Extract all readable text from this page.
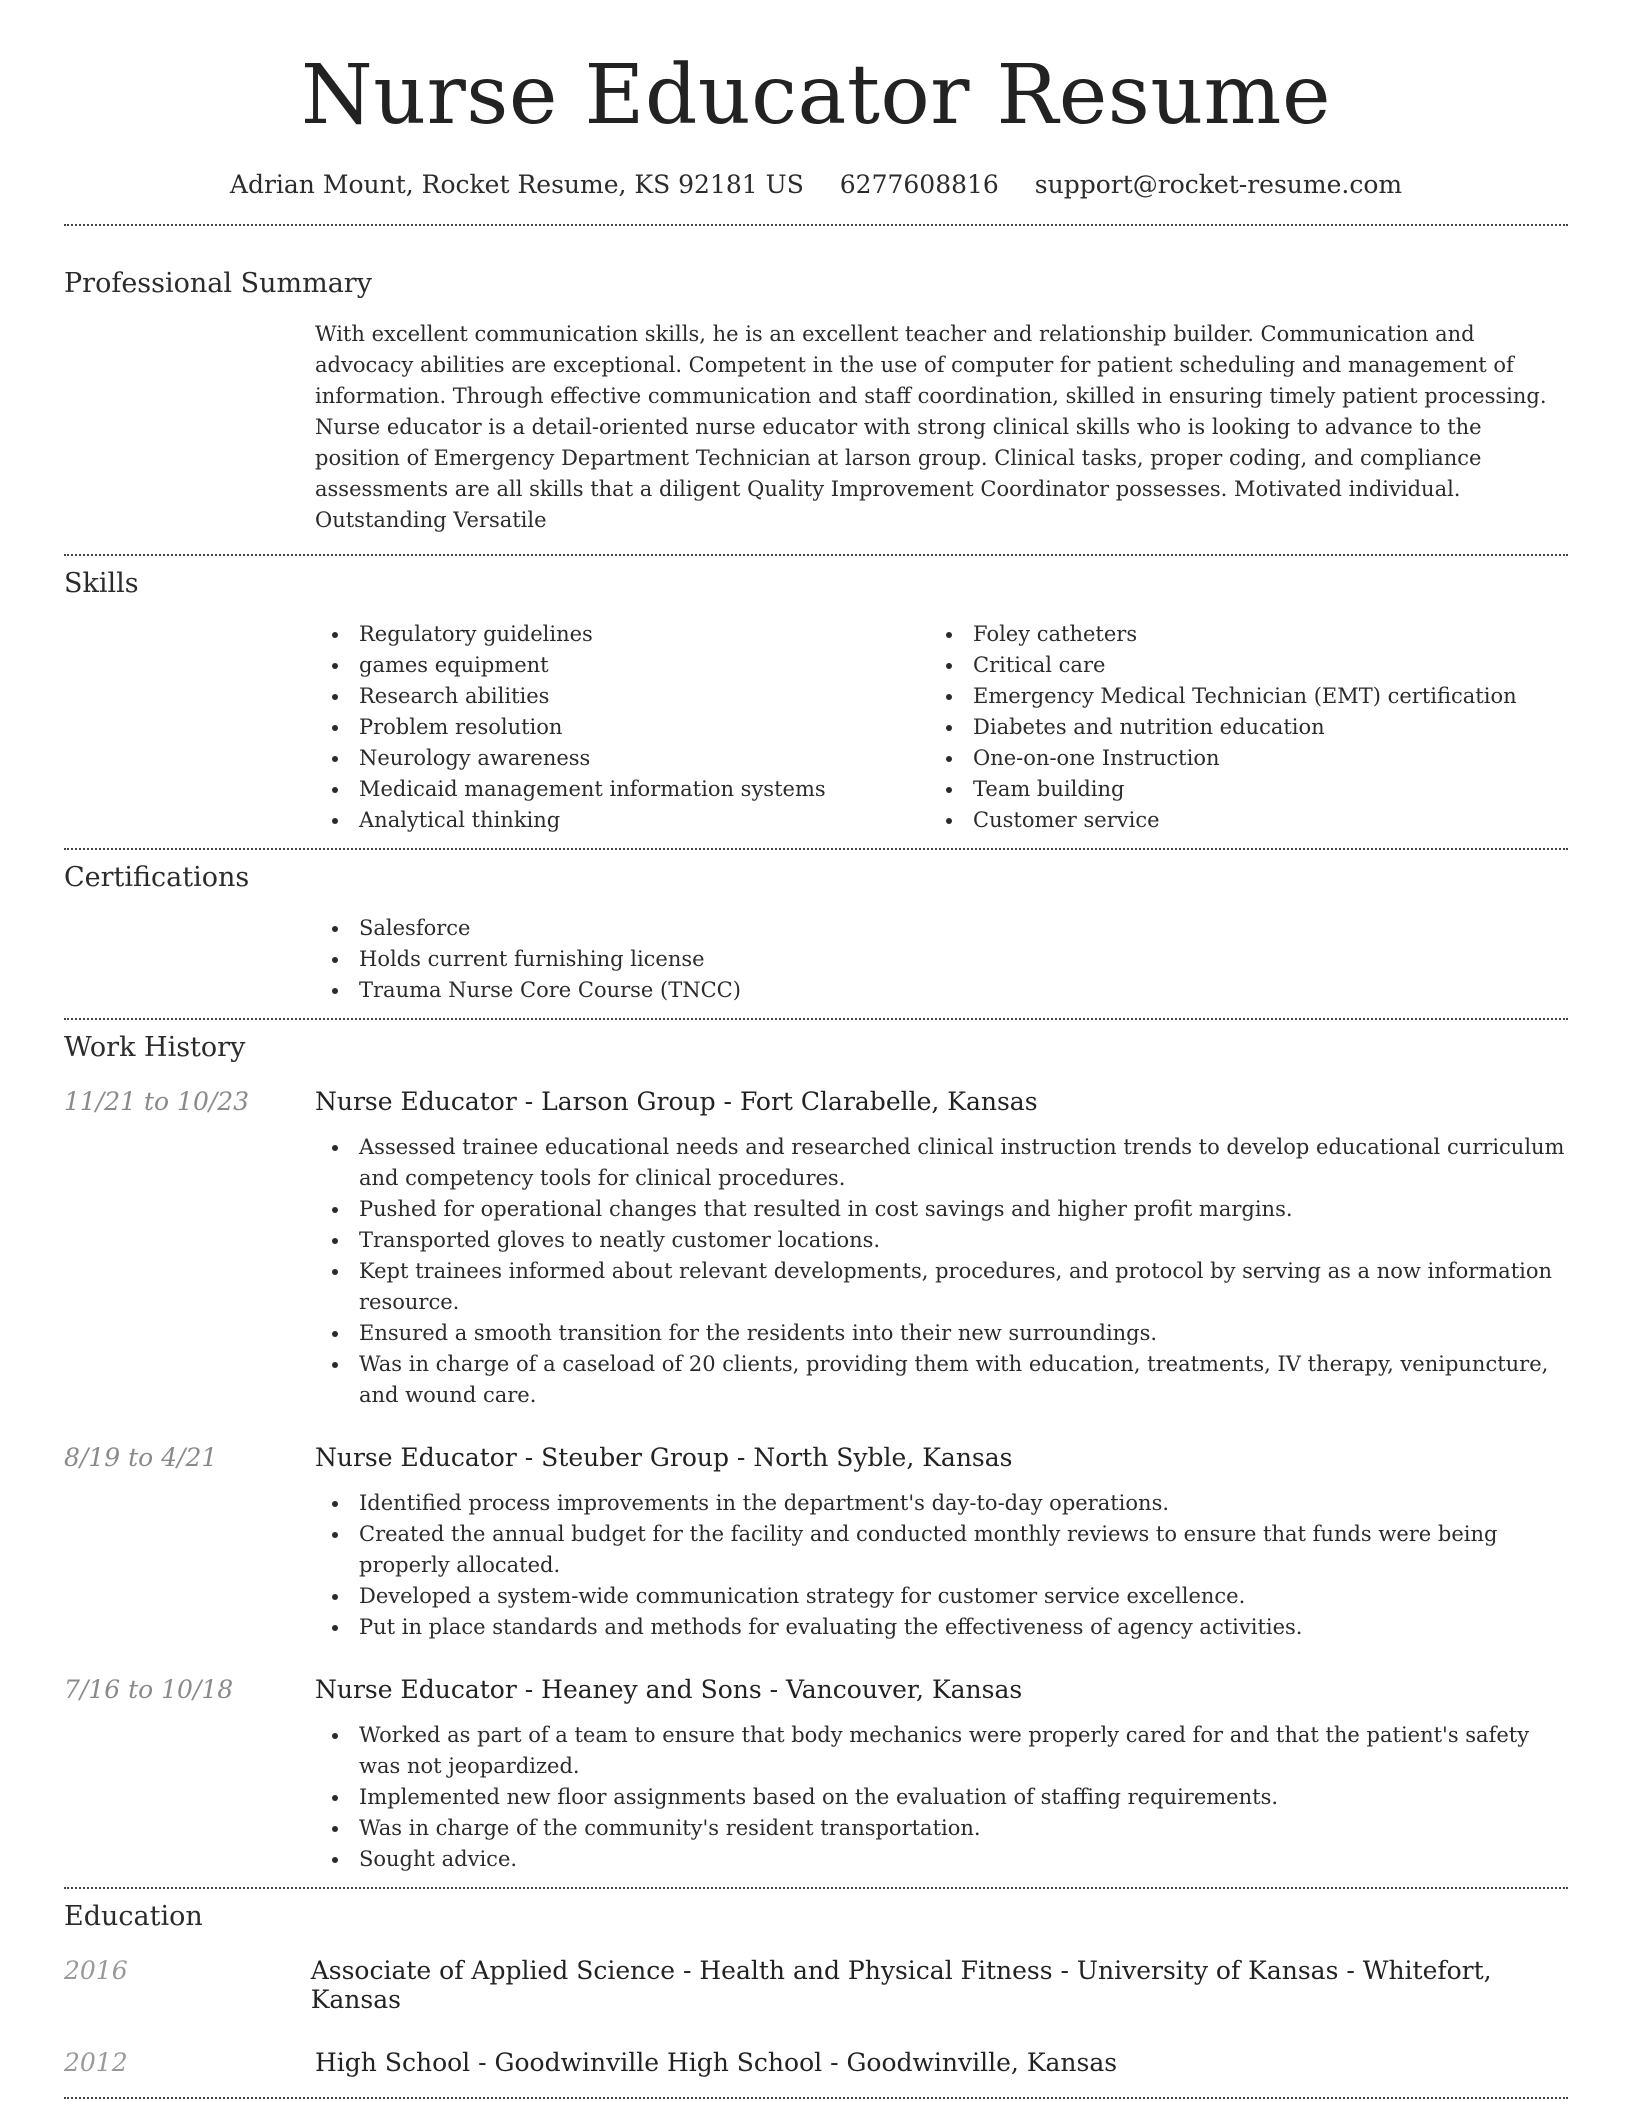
Nurse Educator Resume
Adrian Mount, Rocket Resume, KS 92181 US 6277608816 support@rocket-resume.com
Professional Summary

With excellent communication skills, he is an excellent teacher and relationship builder. Communication and advocacy abilities are exceptional. Competent in the use of computer for patient scheduling and management of information. Through effective communication and staff coordination, skilled in ensuring timely patient processing. Nurse educator is a detail-oriented nurse educator with strong clinical skills who is looking to advance to the position of Emergency Department Technician at larson group. Clinical tasks, proper coding, and compliance assessments are all skills that a diligent Quality Improvement Coordinator possesses. Motivated individual. Outstanding Versatile

Skills
Regulatory guidelines
games equipment
Research abilities
Problem resolution
Neurology awareness
Medicaid management information systems
Analytical thinking
Foley catheters
Critical care
Emergency Medical Technician (EMT) certification
Diabetes and nutrition education
One-on-one Instruction
Team building
Customer service
Certifications
Salesforce
Holds current furnishing license
Trauma Nurse Core Course (TNCC)
Work History
11/21 to 10/23	Nurse Educator - Larson Group - Fort Clarabelle, Kansas
Assessed trainee educational needs and researched clinical instruction trends to develop educational curriculum and competency tools for clinical procedures.
Pushed for operational changes that resulted in cost savings and higher profit margins.
Transported gloves to neatly customer locations.
Kept trainees informed about relevant developments, procedures, and protocol by serving as a now information resource.
Ensured a smooth transition for the residents into their new surroundings.
Was in charge of a caseload of 20 clients, providing them with education, treatments, IV therapy, venipuncture, and wound care.
8/19 to 4/21	Nurse Educator - Steuber Group - North Syble, Kansas
Identified process improvements in the department's day-to-day operations.
Created the annual budget for the facility and conducted monthly reviews to ensure that funds were being properly allocated.
Developed a system-wide communication strategy for customer service excellence.
Put in place standards and methods for evaluating the effectiveness of agency activities.
7/16 to 10/18	Nurse Educator - Heaney and Sons - Vancouver, Kansas
Worked as part of a team to ensure that body mechanics were properly cared for and that the patient's safety was not jeopardized.
Implemented new floor assignments based on the evaluation of staffing requirements.
Was in charge of the community's resident transportation.
Sought advice.
Education
2016	Associate of Applied Science - Health and Physical Fitness - University of Kansas - Whitefort, Kansas
2012	High School - Goodwinville High School - Goodwinville, Kansas
